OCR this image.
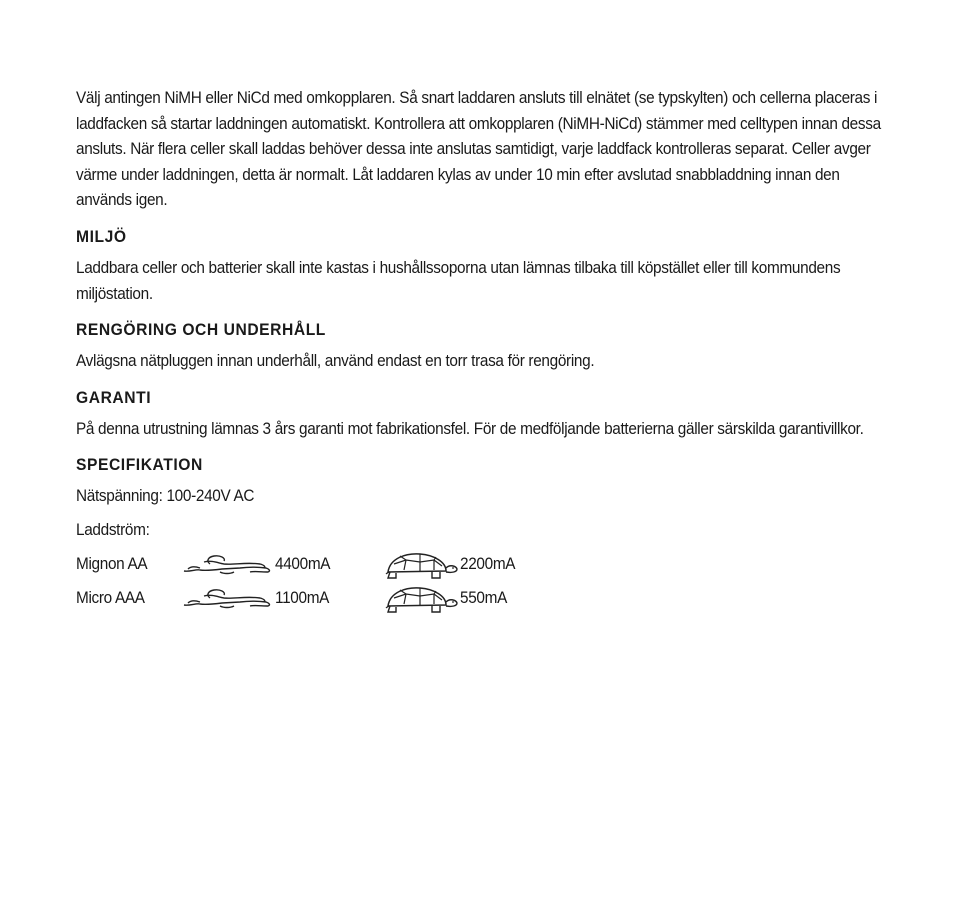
Välj antingen NiMH eller NiCd med omkopplaren. Så snart laddaren ansluts till elnätet (se typskylten) och cellerna placeras i laddfacken så startar laddningen automatiskt. Kontrollera att omkopplaren (NiMH-NiCd) stämmer med celltypen innan dessa ansluts. När flera celler skall laddas behöver dessa inte anslutas samtidigt, varje laddfack kontrolleras separat. Celler avger värme under laddningen, detta är normalt. Låt laddaren kylas av under 10 min efter avslutad snabbladdning innan den används igen.

MILJÖ

Laddbara celler och batterier skall inte kastas i hushållssoporna utan lämnas tilbaka till köpstället eller till kommundens miljöstation.

RENGÖRING OCH UNDERHÅLL

Avlägsna nätpluggen innan underhåll, använd endast en torr trasa för rengöring.

GARANTI

På denna utrustning lämnas 3 års garanti mot fabrikationsfel. För de medföljande batterierna gäller särskilda garantivillkor.

SPECIFIKATION
Nätspänning: 100-240V AC
Laddström:
Mignon AA	4400mA	2200mA
Micro AAA	1100mA	550mA
